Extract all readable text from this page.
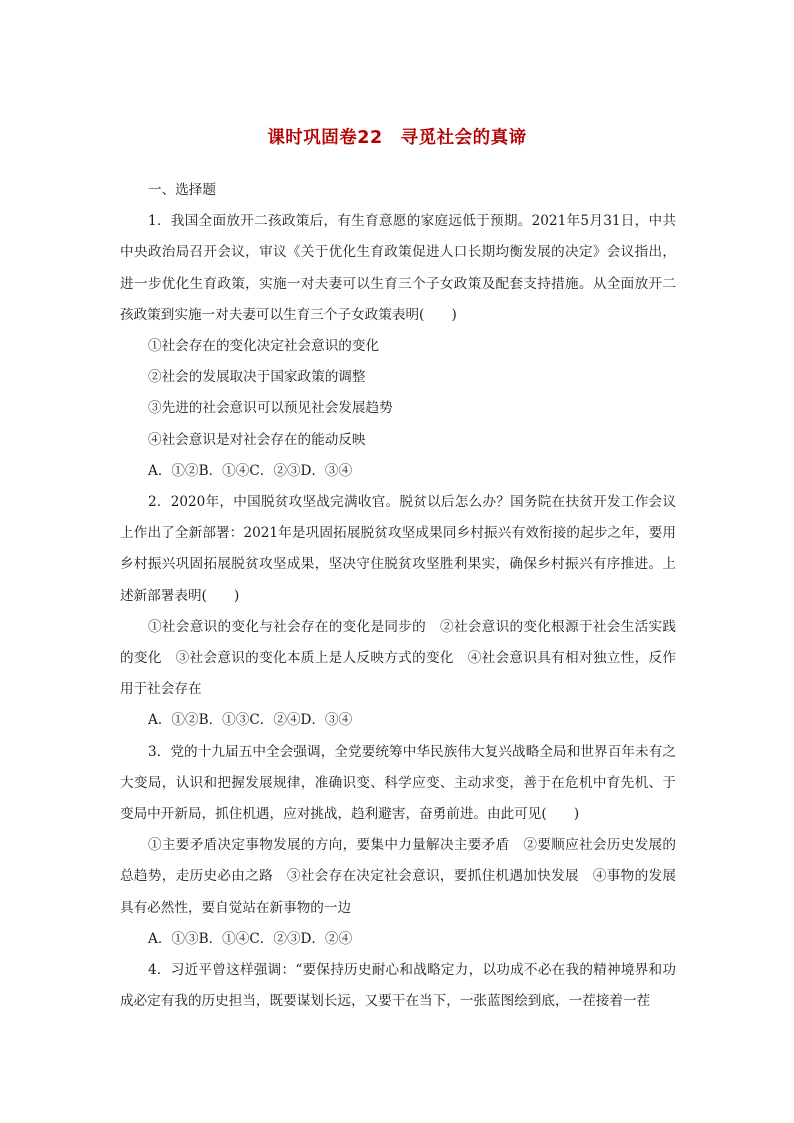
课时巩固卷22　寻觅社会的真谛

一、选择题

1．我国全面放开二孩政策后，有生育意愿的家庭远低于预期。2021年5月31日，中共中央政治局召开会议，审议《关于优化生育政策促进人口长期均衡发展的决定》会议指出，进一步优化生育政策，实施一对夫妻可以生育三个子女政策及配套支持措施。从全面放开二孩政策到实施一对夫妻可以生育三个子女政策表明(　　)

①社会存在的变化决定社会意识的变化

②社会的发展取决于国家政策的调整

③先进的社会意识可以预见社会发展趋势

④社会意识是对社会存在的能动反映

A．①②B．①④C．②③D．③④

2．2020年，中国脱贫攻坚战完满收官。脱贫以后怎么办？国务院在扶贫开发工作会议上作出了全新部署：2021年是巩固拓展脱贫攻坚成果同乡村振兴有效衔接的起步之年，要用乡村振兴巩固拓展脱贫攻坚成果，坚决守住脱贫攻坚胜利果实，确保乡村振兴有序推进。上述新部署表明(　　)

①社会意识的变化与社会存在的变化是同步的　②社会意识的变化根源于社会生活实践的变化　③社会意识的变化本质上是人反映方式的变化　④社会意识具有相对独立性，反作用于社会存在

A．①②B．①③C．②④D．③④

3．党的十九届五中全会强调，全党要统筹中华民族伟大复兴战略全局和世界百年未有之大变局，认识和把握发展规律，准确识变、科学应变、主动求变，善于在危机中育先机、于变局中开新局，抓住机遇，应对挑战，趋利避害，奋勇前进。由此可见(　　)

①主要矛盾决定事物发展的方向，要集中力量解决主要矛盾　②要顺应社会历史发展的总趋势，走历史必由之路　③社会存在决定社会意识，要抓住机遇加快发展　④事物的发展具有必然性，要自觉站在新事物的一边

A．①③B．①④C．②③D．②④

4．习近平曾这样强调：“要保持历史耐心和战略定力，以功成不必在我的精神境界和功成必定有我的历史担当，既要谋划长远，又要干在当下，一张蓝图绘到底，一茬接着一茬
